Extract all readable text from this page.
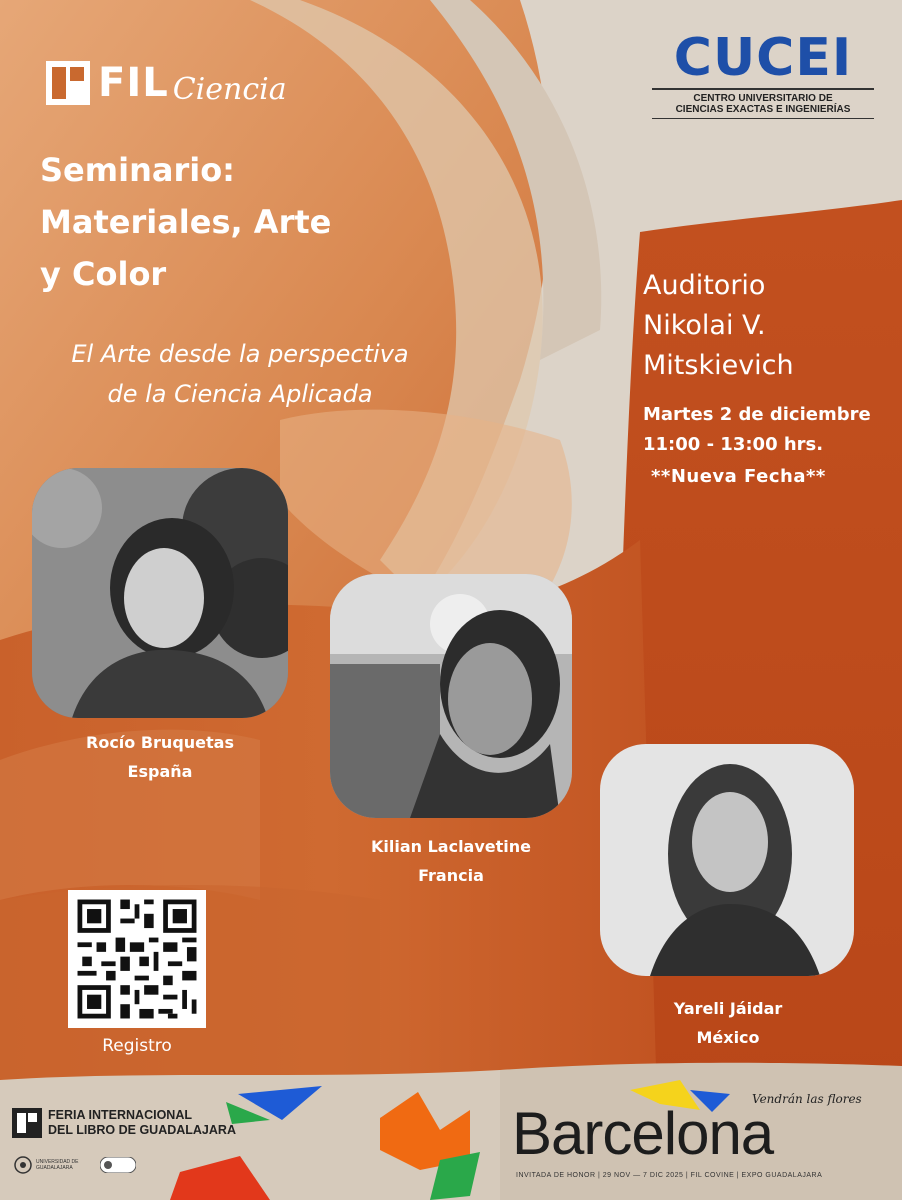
FIL Ciencia
CUCEI
CENTRO UNIVERSITARIO DE
CIENCIAS EXACTAS E INGENIERÍAS
Seminario:
Materiales, Arte
y Color
El Arte desde la perspectiva
de la Ciencia Aplicada
Auditorio
Nikolai V.
Mitskievich
Martes 2 de diciembre
11:00 - 13:00 hrs.
**Nueva Fecha**
Rocío Bruquetas
España
Kilian Laclavetine
Francia
Yareli Jáidar
México
Registro
FERIA INTERNACIONAL
DEL LIBRO DE GUADALAJARA
UNIVERSIDAD DE
GUADALAJARA
Vendrán las flores
Barcelona
INVITADA DE HONOR | 29 NOV — 7 DIC 2025 | FIL COVINE | EXPO GUADALAJARA
